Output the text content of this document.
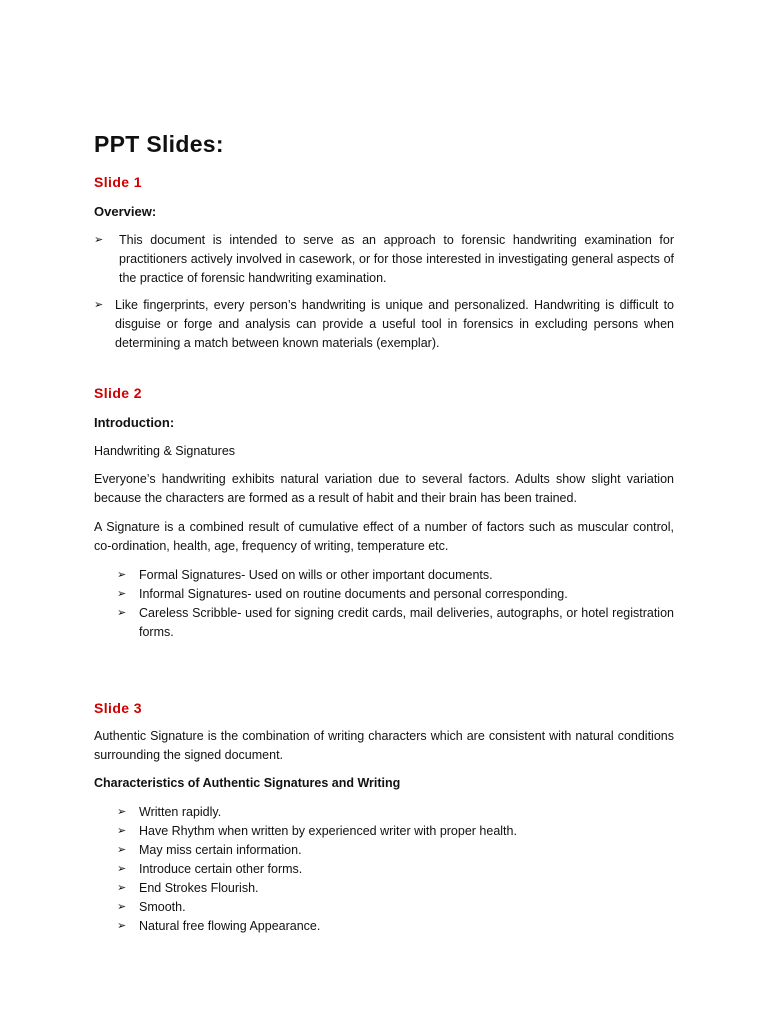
PPT Slides:
Slide 1
Overview:
➢ This document is intended to serve as an approach to forensic handwriting examination for practitioners actively involved in casework, or for those interested in investigating general aspects of the practice of forensic handwriting examination.
➢ Like fingerprints, every person’s handwriting is unique and personalized. Handwriting is difficult to disguise or forge and analysis can provide a useful tool in forensics in excluding persons when determining a match between known materials (exemplar).
Slide 2
Introduction:
Handwriting & Signatures
Everyone’s handwriting exhibits natural variation due to several factors. Adults show slight variation because the characters are formed as a result of habit and their brain has been trained.
A Signature is a combined result of cumulative effect of a number of factors such as muscular control, co-ordination, health, age, frequency of writing, temperature etc.
➢ Formal Signatures- Used on wills or other important documents.
➢ Informal Signatures- used on routine documents and personal corresponding.
➢ Careless Scribble- used for signing credit cards, mail deliveries, autographs, or hotel registration forms.
Slide 3
Authentic Signature is the combination of writing characters which are consistent with natural conditions surrounding the signed document.
Characteristics of Authentic Signatures and Writing
➢ Written rapidly.
➢ Have Rhythm when written by experienced writer with proper health.
➢ May miss certain information.
➢ Introduce certain other forms.
➢ End Strokes Flourish.
➢ Smooth.
➢ Natural free flowing Appearance.
